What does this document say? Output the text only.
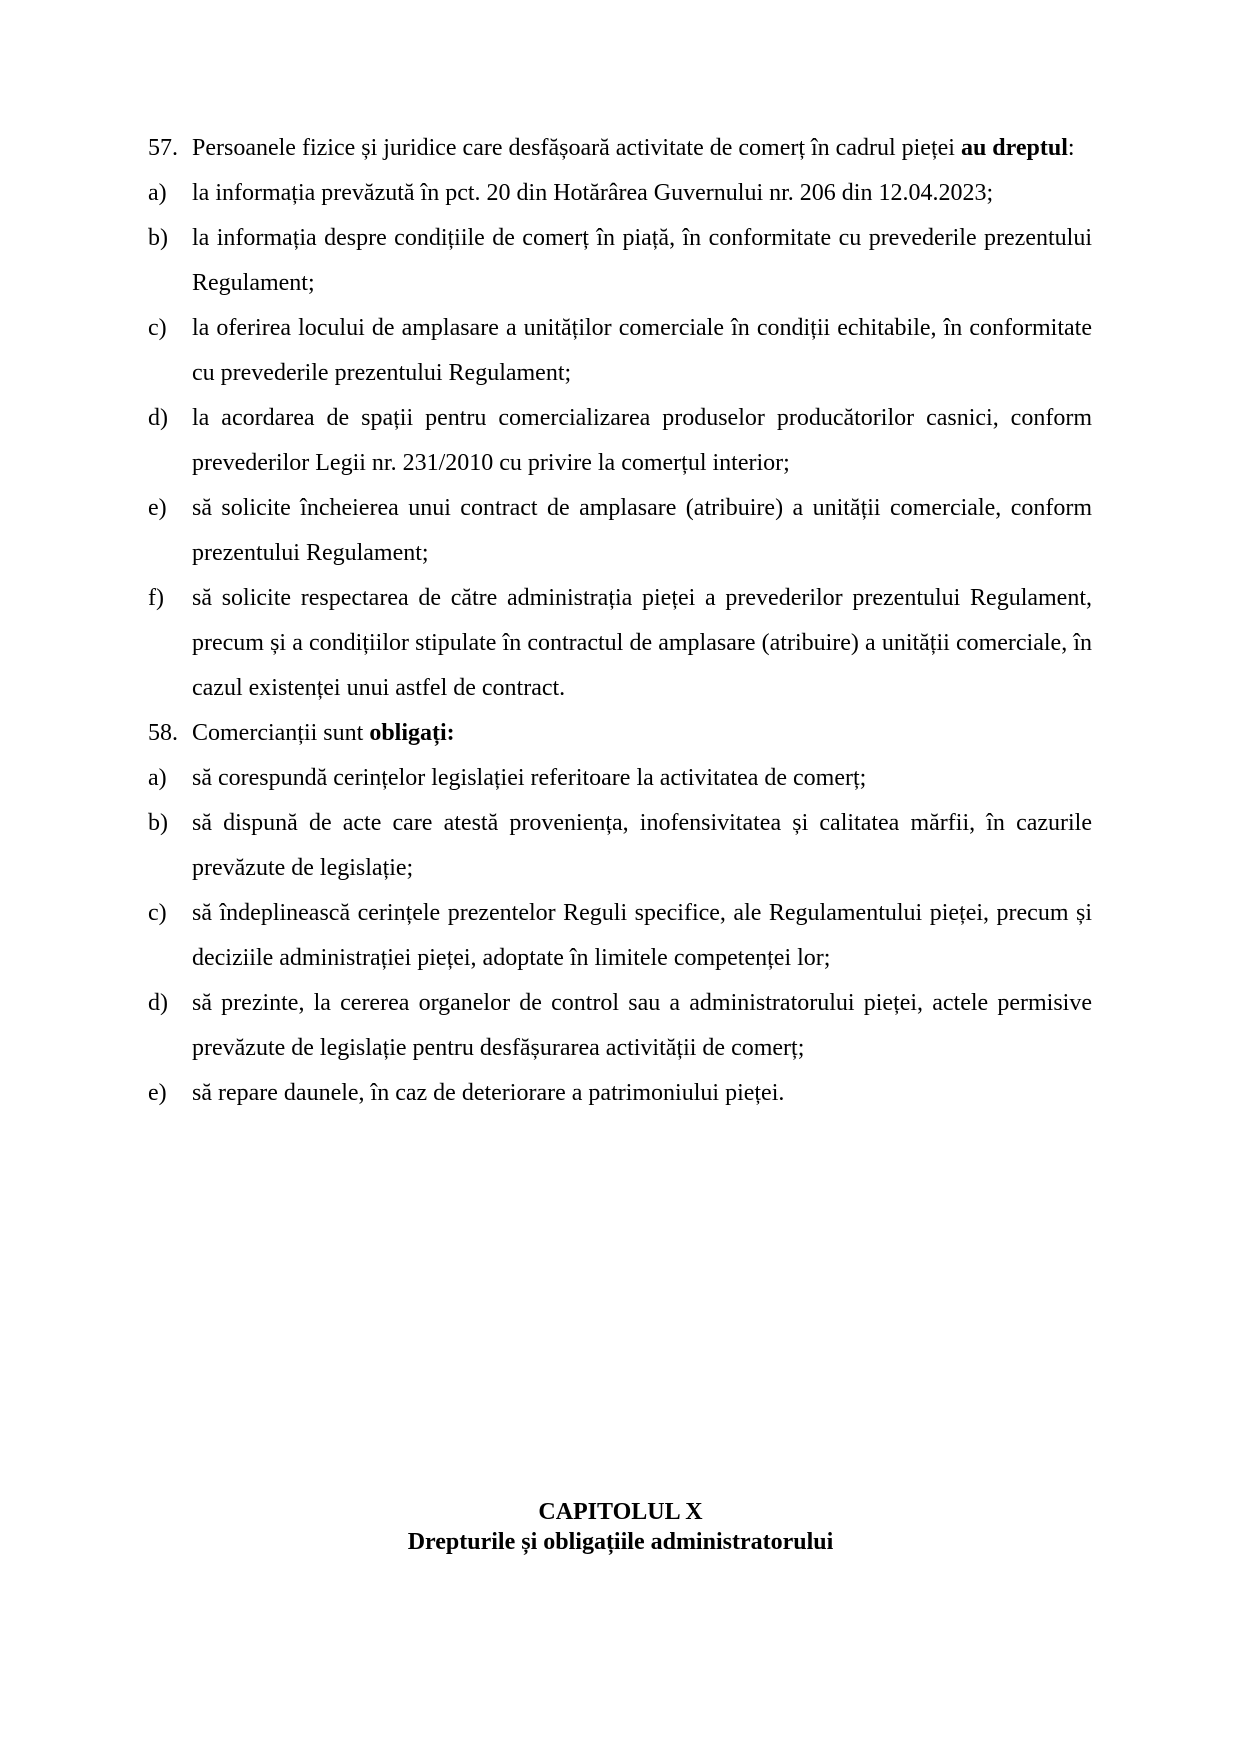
57. Persoanele fizice și juridice care desfășoară activitate de comerț în cadrul pieței au dreptul:
a) la informația prevăzută în pct. 20 din Hotărârea Guvernului nr. 206 din 12.04.2023;
b) la informația despre condițiile de comerț în piață, în conformitate cu prevederile prezentului Regulament;
c) la oferirea locului de amplasare a unităților comerciale în condiții echitabile, în conformitate cu prevederile prezentului Regulament;
d) la acordarea de spații pentru comercializarea produselor producătorilor casnici, conform prevederilor Legii nr. 231/2010 cu privire la comerțul interior;
e) să solicite încheierea unui contract de amplasare (atribuire) a unității comerciale, conform prezentului Regulament;
f) să solicite respectarea de către administrația pieței a prevederilor prezentului Regulament, precum și a condițiilor stipulate în contractul de amplasare (atribuire) a unității comerciale, în cazul existenței unui astfel de contract.
58. Comercianții sunt obligați:
a) să corespundă cerințelor legislației referitoare la activitatea de comerț;
b) să dispună de acte care atestă proveniența, inofensivitatea și calitatea mărfii, în cazurile prevăzute de legislație;
c) să îndeplinească cerințele prezentelor Reguli specifice, ale Regulamentului pieței, precum și deciziile administrației pieței, adoptate în limitele competenței lor;
d) să prezinte, la cererea organelor de control sau a administratorului pieței, actele permisive prevăzute de legislație pentru desfășurarea activității de comerț;
e) să repare daunele, în caz de deteriorare a patrimoniului pieței.
CAPITOLUL X
Drepturile și obligațiile administratorului
